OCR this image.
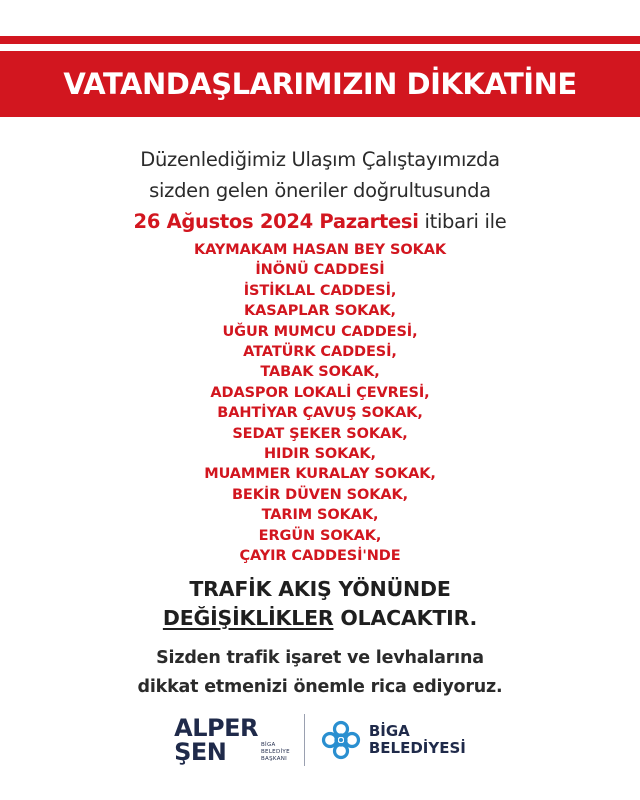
VATANDAŞLARIMIZIN DİKKATİNE
Düzenlediğimiz Ulaşım Çalıştayımızda
sizden gelen öneriler doğrultusunda
26 Ağustos 2024 Pazartesi itibari ile
KAYMAKAM HASAN BEY SOKAK
İNÖNÜ CADDESİ
İSTİKLAL CADDESİ,
KASAPLAR SOKAK,
UĞUR MUMCU CADDESİ,
ATATÜRK CADDESİ,
TABAK SOKAK,
ADASPOR LOKALİ ÇEVRESİ,
BAHTİYAR ÇAVUŞ SOKAK,
SEDAT ŞEKER SOKAK,
HIDIR SOKAK,
MUAMMER KURALAY SOKAK,
BEKİR DÜVEN SOKAK,
TARIM SOKAK,
ERGÜN SOKAK,
ÇAYIR CADDESİ'NDE
TRAFİK AKIŞ YÖNÜNDE
DEĞİŞİKLİKLER OLACAKTIR.
Sizden trafik işaret ve levhalarına
dikkat etmenizi önemle rica ediyoruz.
ALPER
ŞEN	BİGA
BELEDİYE
BAŞKANI
BİGA
BELEDİYESİ
